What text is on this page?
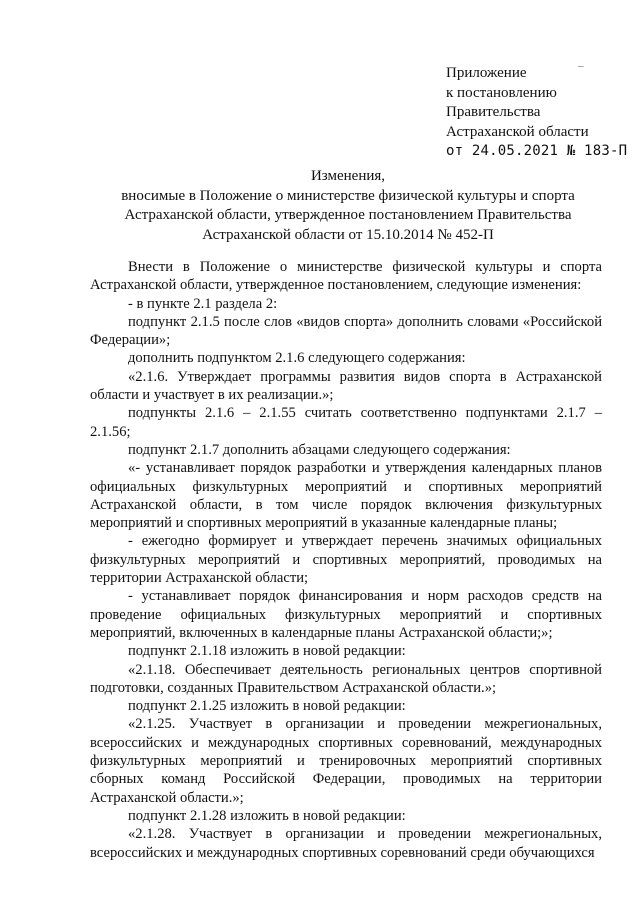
_
Приложение
к постановлению
Правительства
Астраханской области
от 24.05.2021 № 183-П
Изменения,
вносимые в Положение о министерстве физической культуры и спорта Астраханской области, утвержденное постановлением Правительства Астраханской области от 15.10.2014 № 452-П

Внести в Положение о министерстве физической культуры и спорта Астраханской области, утвержденное постановлением, следующие изменения:

- в пункте 2.1 раздела 2:

подпункт 2.1.5 после слов «видов спорта» дополнить словами «Российской Федерации»;

дополнить подпунктом 2.1.6 следующего содержания:

«2.1.6. Утверждает программы развития видов спорта в Астраханской области и участвует в их реализации.»;

подпункты 2.1.6 – 2.1.55 считать соответственно подпунктами 2.1.7 – 2.1.56;

подпункт 2.1.7 дополнить абзацами следующего содержания:

«- устанавливает порядок разработки и утверждения календарных планов официальных физкультурных мероприятий и спортивных мероприятий Астраханской области, в том числе порядок включения физкультурных мероприятий и спортивных мероприятий в указанные календарные планы;

- ежегодно формирует и утверждает перечень значимых официальных физкультурных мероприятий и спортивных мероприятий, проводимых на территории Астраханской области;

- устанавливает порядок финансирования и норм расходов средств на проведение официальных физкультурных мероприятий и спортивных мероприятий, включенных в календарные планы Астраханской области;»;

подпункт 2.1.18 изложить в новой редакции:

«2.1.18. Обеспечивает деятельность региональных центров спортивной подготовки, созданных Правительством Астраханской области.»;

подпункт 2.1.25 изложить в новой редакции:

«2.1.25. Участвует в организации и проведении межрегиональных, всероссийских и международных спортивных соревнований, международных физкультурных мероприятий и тренировочных мероприятий спортивных сборных команд Российской Федерации, проводимых на территории Астраханской области.»;

подпункт 2.1.28 изложить в новой редакции:

«2.1.28. Участвует в организации и проведении межрегиональных, всероссийских и международных спортивных соревнований среди обучающихся
